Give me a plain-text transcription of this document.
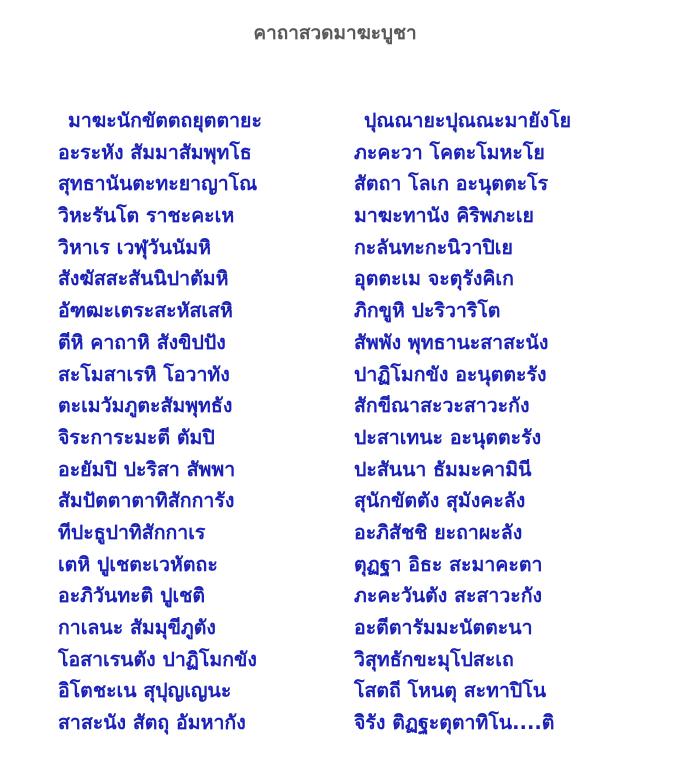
คาถาสวดมาฆะบูชา
มาฆะนักขัตตถยุตตายะ	ปุณณายะปุณณะมายังโย
อะระหัง สัมมาสัมพุทโธ	ภะคะวา โคตะโมหะโย
สุทธานันตะทะยาญาโณ	สัตถา โลเก อะนุตตะโร
วิหะรันโต ราชะคะเห	มาฆะทานัง คิริพภะเย
วิหาเร เวฬุวันนัมหิ	กะลันทะกะนิวาปิเย
สังฆัสสะสันนิปาตัมหิ	อุตตะเม จะตุรังคิเก
อัฑฒะเตระสะหัสเสหิ	ภิกขูหิ ปะริวาริโต
ตีหิ คาถาหิ สังขิปปัง	สัพพัง พุทธานะสาสะนัง
สะโมสาเรหิ โอวาทัง	ปาฏิโมกขัง อะนุตตะรัง
ตะเมวัมภูตะสัมพุทธัง	สักขีณาสะวะสาวะกัง
จิระการะมะตี ตัมปิ	ปะสาเทนะ อะนุตตะรัง
อะยัมปิ ปะริสา สัพพา	ปะสันนา ธัมมะคามินี
สัมปัตตาตาทิสักการัง	สุนักขัตตัง สุมังคะลัง
ทีปะธูปาทิสักกาเร	อะภิสัชชิ ยะถาผะลัง
เตหิ ปูเชตะเวหัตถะ	ตุฏฐา อิธะ สะมาคะตา
อะภิวันทะติ ปูเชติ	ภะคะวันตัง สะสาวะกัง
กาเลนะ สัมมุขีภูตัง	อะตีตารัมมะนัตตะนา
โอสาเรนตัง ปาฏิโมกขัง	วิสุทธักขะมุโปสะเถ
อิโตชะเน สุปุญเญนะ	โสตถี โหนตุ สะทาปิโน
สาสะนัง สัตถุ อัมหากัง	จิรัง ติฏฐะตุตาทิโน....ติ
